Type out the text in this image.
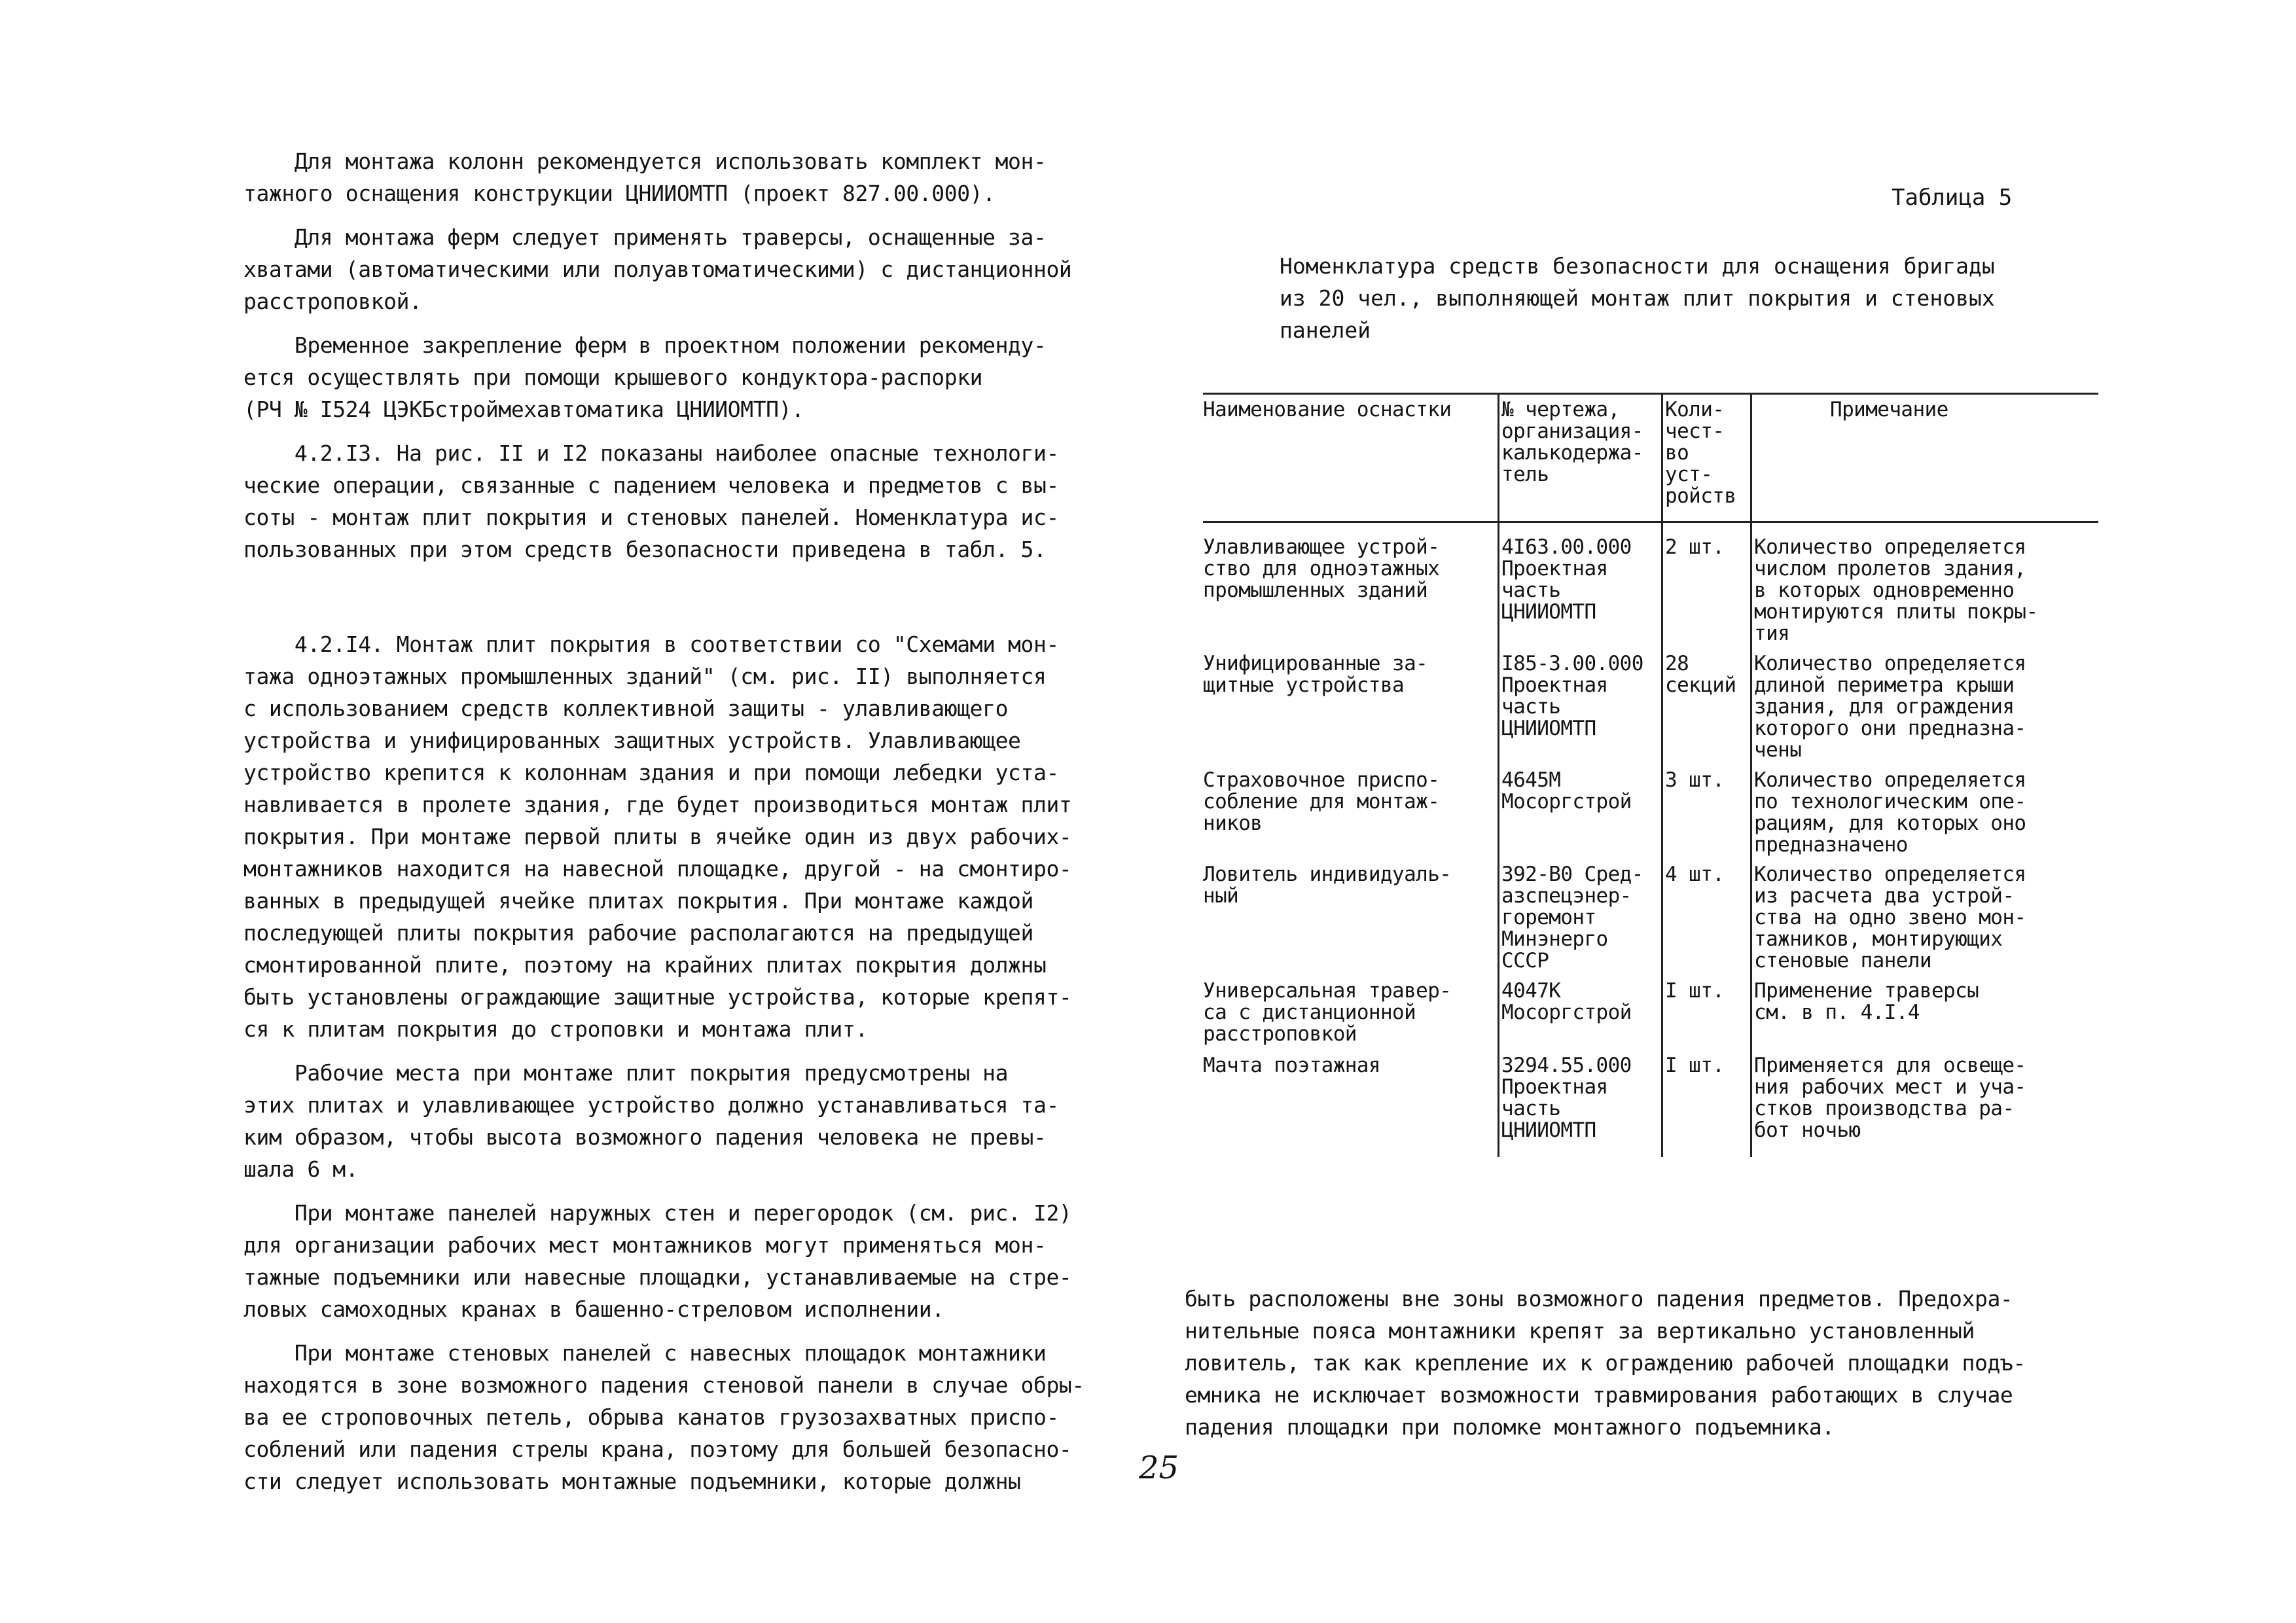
Для монтажа колонн рекомендуется использовать комплект мон-
тажного оснащения конструкции ЦНИИОМТП (проект 827.00.000).

Для монтажа ферм следует применять траверсы, оснащенные за-
хватами (автоматическими или полуавтоматическими) с дистанционной
расстроповкой.

Временное закрепление ферм в проектном положении рекоменду-
ется осуществлять при помощи крышевого кондуктора-распорки
(РЧ № I524 ЦЭКБстроймехавтоматика ЦНИИОМТП).

4.2.I3. На рис. II и I2 показаны наиболее опасные технологи-
ческие операции, связанные с падением человека и предметов с вы-
соты - монтаж плит покрытия и стеновых панелей. Номенклатура ис-
пользованных при этом средств безопасности приведена в табл. 5.

4.2.I4. Монтаж плит покрытия в соответствии со "Схемами мон-
тажа одноэтажных промышленных зданий" (см. рис. II) выполняется
с использованием средств коллективной защиты - улавливающего
устройства и унифицированных защитных устройств. Улавливающее
устройство крепится к колоннам здания и при помощи лебедки уста-
навливается в пролете здания, где будет производиться монтаж плит
покрытия. При монтаже первой плиты в ячейке один из двух рабочих-
монтажников находится на навесной площадке, другой - на смонтиро-
ванных в предыдущей ячейке плитах покрытия. При монтаже каждой
последующей плиты покрытия рабочие располагаются на предыдущей
смонтированной плите, поэтому на крайних плитах покрытия должны
быть установлены ограждающие защитные устройства, которые крепят-
ся к плитам покрытия до строповки и монтажа плит.

Рабочие места при монтаже плит покрытия предусмотрены на
этих плитах и улавливающее устройство должно устанавливаться та-
ким образом, чтобы высота возможного падения человека не превы-
шала 6 м.

При монтаже панелей наружных стен и перегородок (см. рис. I2)
для организации рабочих мест монтажников могут применяться мон-
тажные подъемники или навесные площадки, устанавливаемые на стре-
ловых самоходных кранах в башенно-стреловом исполнении.

При монтаже стеновых панелей с навесных площадок монтажники
находятся в зоне возможного падения стеновой панели в случае обры-
ва ее строповочных петель, обрыва канатов грузозахватных приспо-
соблений или падения стрелы крана, поэтому для большей безопасно-
сти следует использовать монтажные подъемники, которые должны

Таблица 5
Номенклатура средств безопасности для оснащения бригады
из 20 чел., выполняющей монтаж плит покрытия и стеновых
панелей
Наименование оснастки № чертежа,
организация-
калькодержа-
тель
Коли-
чест-
во
уст-
ройств
Примечание
Улавливающее устрой-
ство для одноэтажных
промышленных зданий
4I63.00.000
Проектная
часть
ЦНИИОМТП
2 шт. Количество определяется
числом пролетов здания,
в которых одновременно
монтируются плиты покры-
тия
Унифицированные за-
щитные устройства
I85-3.00.000
Проектная
часть
ЦНИИОМТП
28
секций
Количество определяется
длиной периметра крыши
здания, для ограждения
которого они предназна-
чены
Страховочное приспо-
собление для монтаж-
ников
4645М
Мосоргстрой
3 шт. Количество определяется
по технологическим опе-
рациям, для которых оно
предназначено
Ловитель индивидуаль-
ный
392-В0 Сред-
азспецэнер-
горемонт
Минэнерго
СССР
4 шт. Количество определяется
из расчета два устрой-
ства на одно звено мон-
тажников, монтирующих
стеновые панели
Универсальная травер-
са с дистанционной
расстроповкой
4047К
Мосоргстрой
I шт. Применение траверсы
см. в п. 4.I.4
Мачта поэтажная	3294.55.000
Проектная
часть
ЦНИИОМТП
I шт. Применяется для освеще-
ния рабочих мест и уча-
стков производства ра-
бот ночью

быть расположены вне зоны возможного падения предметов. Предохра-
нительные пояса монтажники крепят за вертикально установленный
ловитель, так как крепление их к ограждению рабочей площадки подъ-
емника не исключает возможности травмирования работающих в случае
падения площадки при поломке монтажного подъемника.

25
